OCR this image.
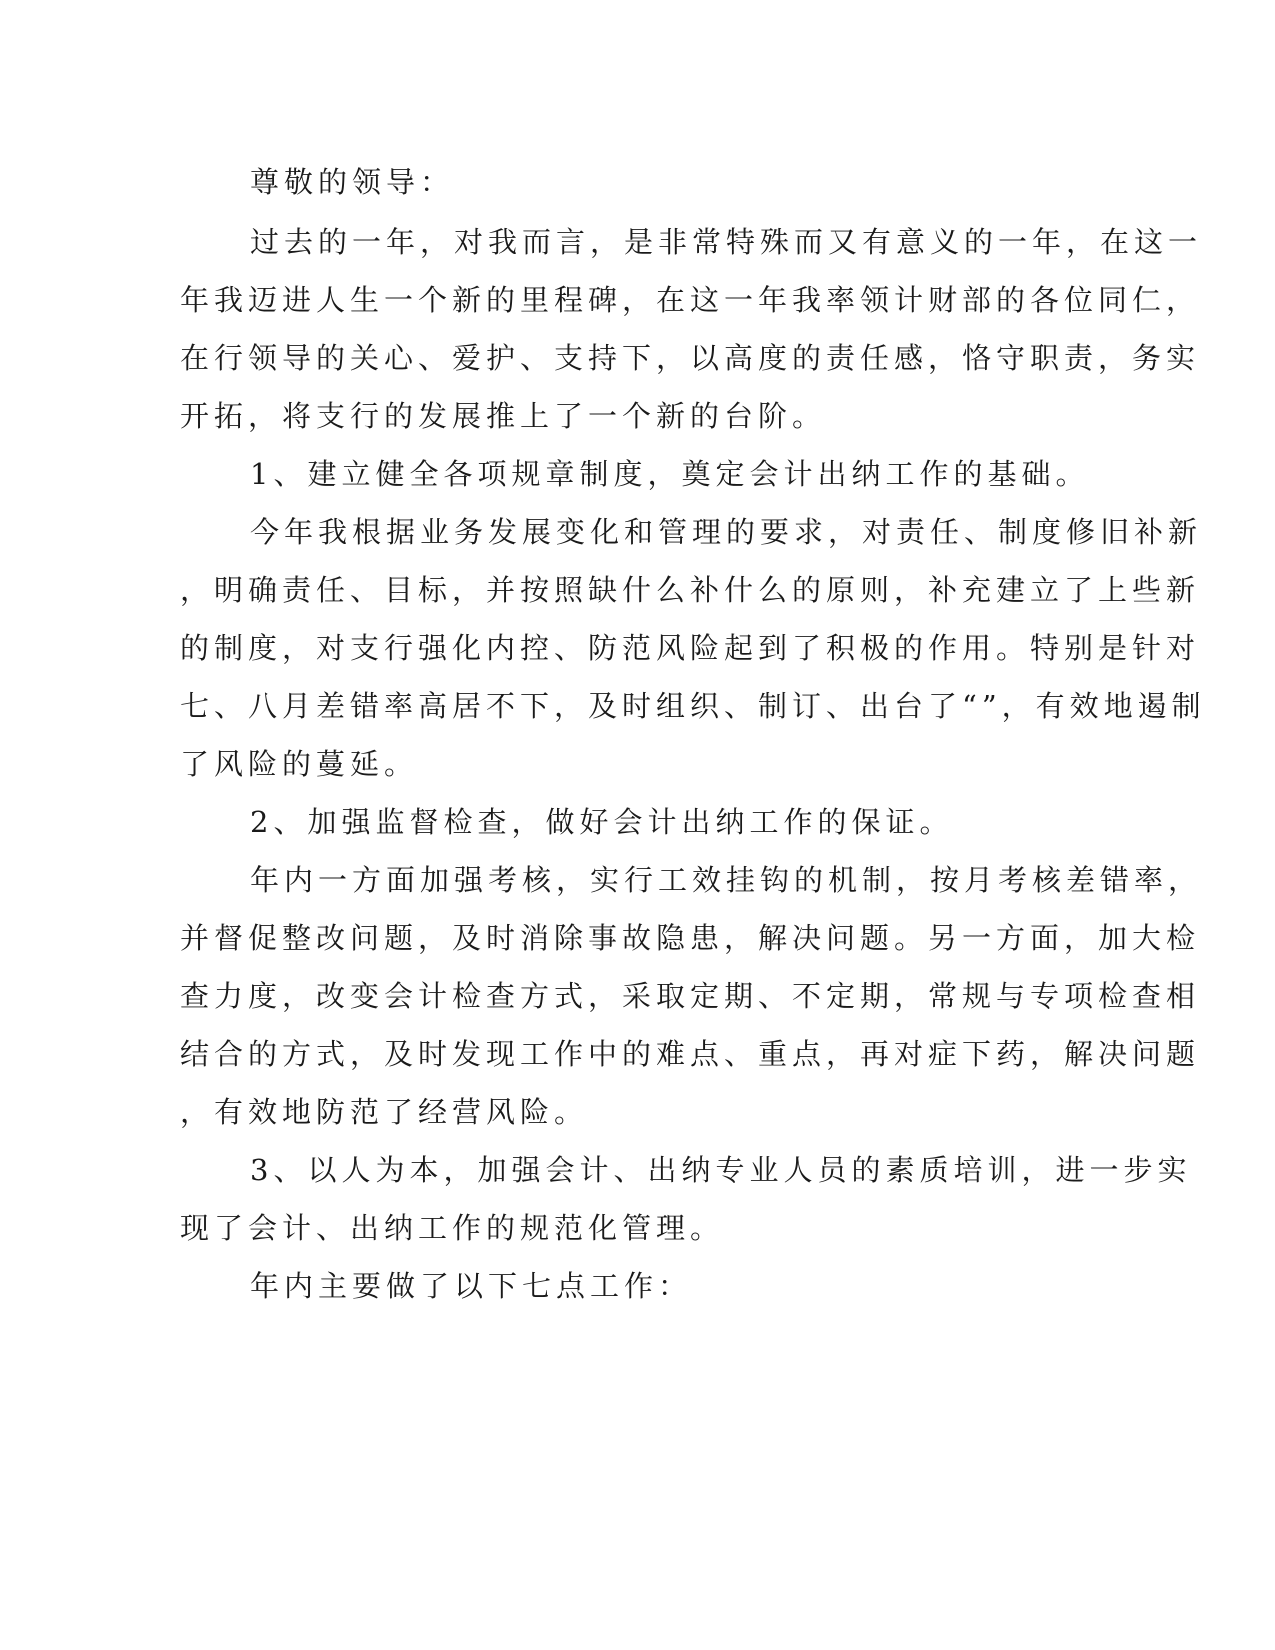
尊敬的领导：
过去的一年，对我而言，是非常特殊而又有意义的一年，在这一
年我迈进人生一个新的里程碑，在这一年我率领计财部的各位同仁，
在行领导的关心、爱护、支持下，以高度的责任感，恪守职责，务实
开拓，将支行的发展推上了一个新的台阶。
1、建立健全各项规章制度，奠定会计出纳工作的基础。
今年我根据业务发展变化和管理的要求，对责任、制度修旧补新
，明确责任、目标，并按照缺什么补什么的原则，补充建立了上些新
的制度，对支行强化内控、防范风险起到了积极的作用。特别是针对
七、八月差错率高居不下，及时组织、制订、出台了“”，有效地遏制
了风险的蔓延。
2、加强监督检查，做好会计出纳工作的保证。
年内一方面加强考核，实行工效挂钩的机制，按月考核差错率，
并督促整改问题，及时消除事故隐患，解决问题。另一方面，加大检
查力度，改变会计检查方式，采取定期、不定期，常规与专项检查相
结合的方式，及时发现工作中的难点、重点，再对症下药，解决问题
，有效地防范了经营风险。
3、以人为本，加强会计、出纳专业人员的素质培训，进一步实
现了会计、出纳工作的规范化管理。
年内主要做了以下七点工作：
